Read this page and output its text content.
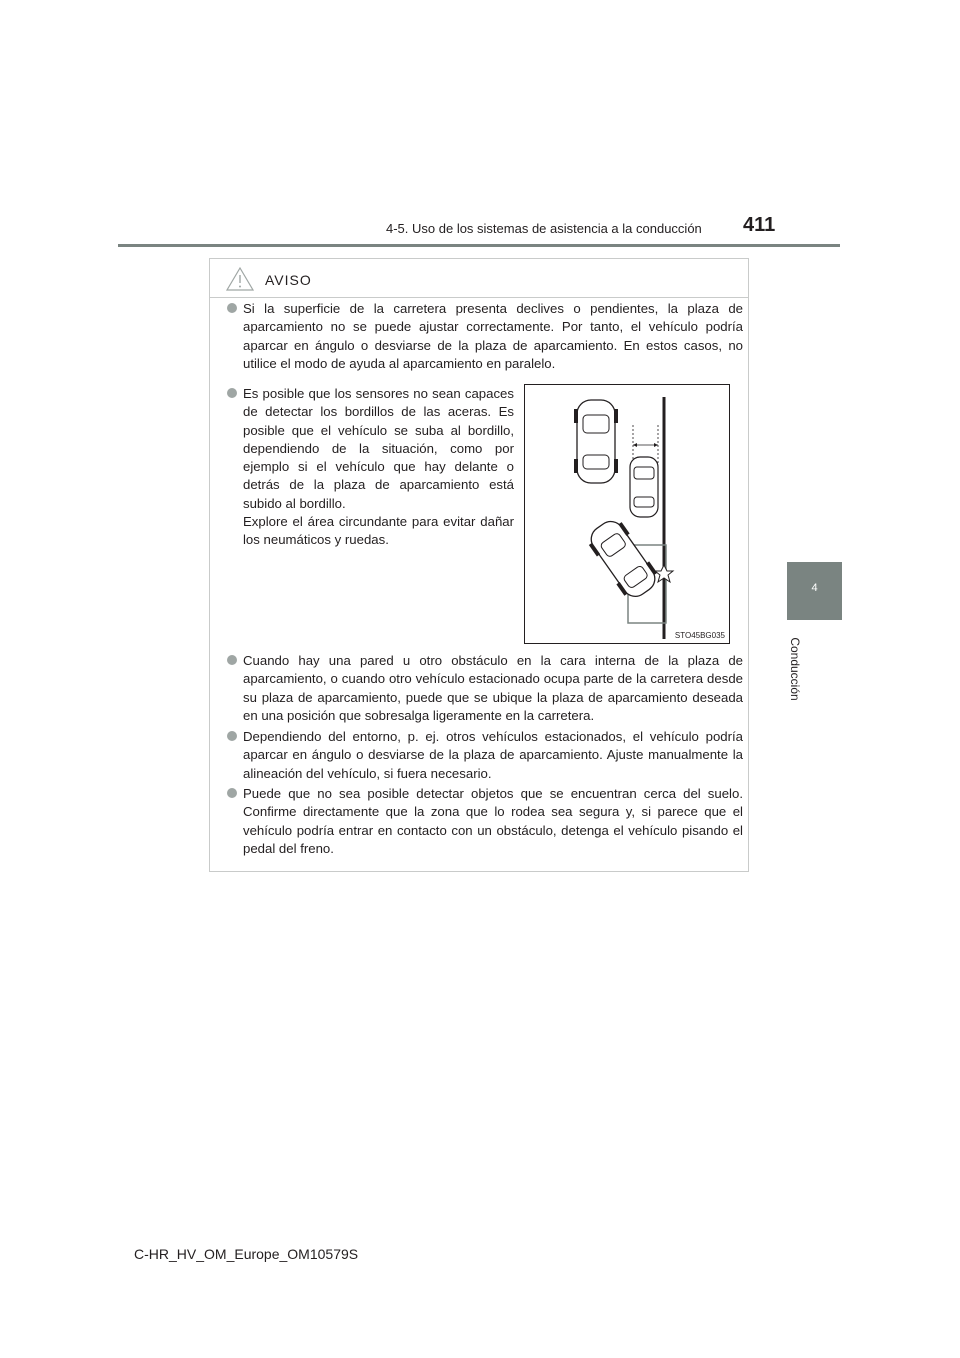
4-5. Uso de los sistemas de asistencia a la conducción 411
4
Conducción
AVISO
Si la superficie de la carretera presenta declives o pendientes, la plaza de aparcamiento no se puede ajustar correctamente. Por tanto, el vehículo podría aparcar en ángulo o desviarse de la plaza de aparcamiento. En estos casos, no utilice el modo de ayuda al aparcamiento en paralelo.

Es posible que los sensores no sean capaces de detectar los bordillos de las aceras. Es posible que el vehículo se suba al bordillo, dependiendo de la situación, como por ejemplo si el vehículo que hay delante o detrás de la plaza de aparcamiento está subido al bordillo.

Explore el área circundante para evitar dañar los neumáticos y ruedas.

STO45BG035
Cuando hay una pared u otro obstáculo en la cara interna de la plaza de aparcamiento, o cuando otro vehículo estacionado ocupa parte de la carretera desde su plaza de aparcamiento, puede que se ubique la plaza de aparcamiento deseada en una posición que sobresalga ligeramente en la carretera.
Dependiendo del entorno, p. ej. otros vehículos estacionados, el vehículo podría aparcar en ángulo o desviarse de la plaza de aparcamiento. Ajuste manualmente la alineación del vehículo, si fuera necesario.
Puede que no sea posible detectar objetos que se encuentran cerca del suelo. Confirme directamente que la zona que lo rodea sea segura y, si parece que el vehículo podría entrar en contacto con un obstáculo, detenga el vehículo pisando el pedal del freno.
C-HR_HV_OM_Europe_OM10579S
